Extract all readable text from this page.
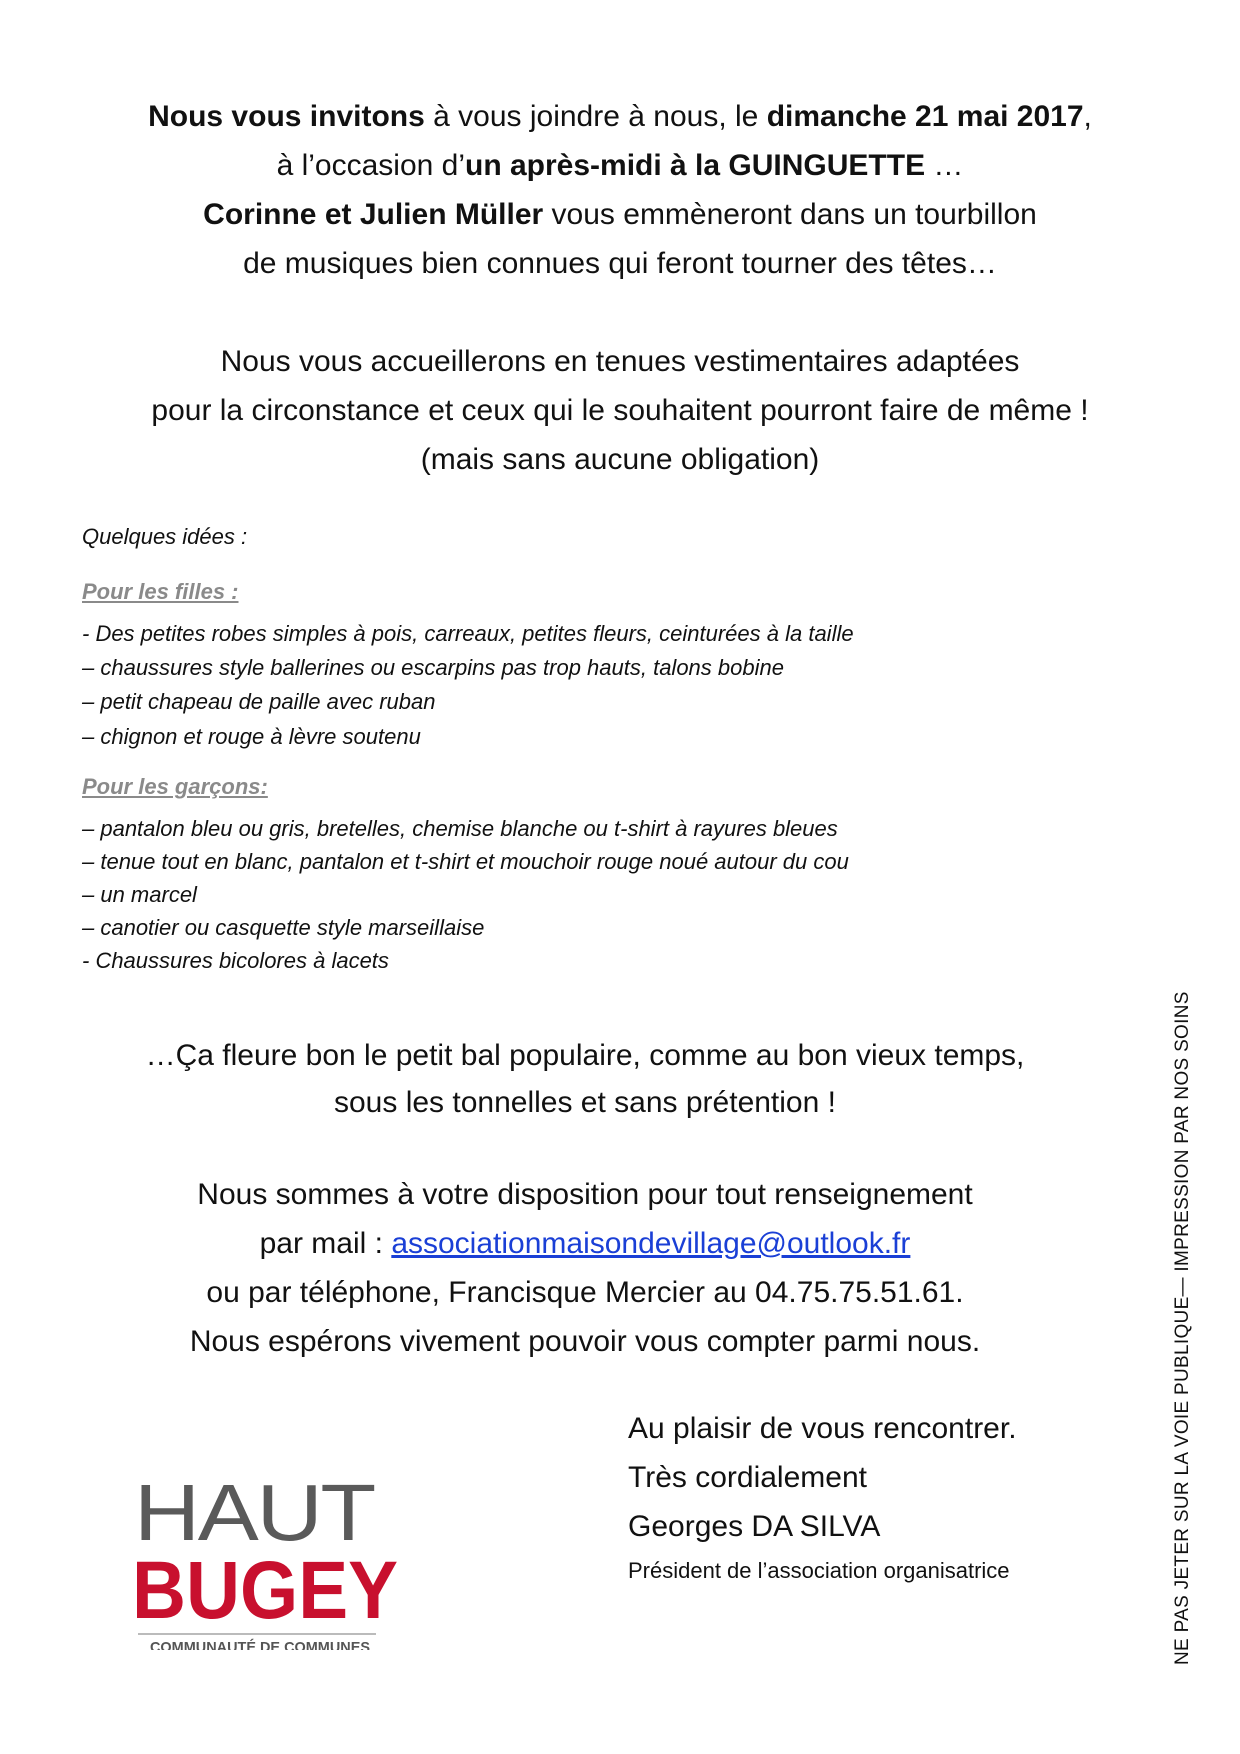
Nous vous invitons à vous joindre à nous, le dimanche 21 mai 2017,

à l’occasion d’un après-midi à la GUINGUETTE …

Corinne et Julien Müller vous emmèneront dans un tourbillon

de musiques bien connues qui feront tourner des têtes…

Nous vous accueillerons en tenues vestimentaires adaptées

pour la circonstance et ceux qui le souhaitent pourront faire de même !

(mais sans aucune obligation)

Quelques idées :
Pour les filles :
- Des petites robes simples à pois, carreaux, petites fleurs, ceinturées à la taille
– chaussures style ballerines ou escarpins pas trop hauts, talons bobine
– petit chapeau de paille avec ruban
– chignon et rouge à lèvre soutenu
Pour les garçons:
– pantalon bleu ou gris, bretelles, chemise blanche ou t-shirt à rayures bleues
– tenue tout en blanc, pantalon et t-shirt et mouchoir rouge noué autour du cou
– un marcel
– canotier ou casquette style marseillaise
- Chaussures bicolores à lacets

…Ça fleure bon le petit bal populaire, comme au bon vieux temps,

sous les tonnelles et sans prétention !

Nous sommes à votre disposition pour tout renseignement

par mail : associationmaisondevillage@outlook.fr

ou par téléphone, Francisque Mercier au 04.75.75.51.61.

Nous espérons vivement pouvoir vous compter parmi nous.

Au plaisir de vous rencontrer.

Très cordialement

Georges DA SILVA

Président de l’association organisatrice

HAUT
BUGEY
COMMUNAUTÉ DE COMMUNES	NE PAS JETER SUR LA VOIE PUBLIQUE— IMPRESSION PAR NOS SOINS
